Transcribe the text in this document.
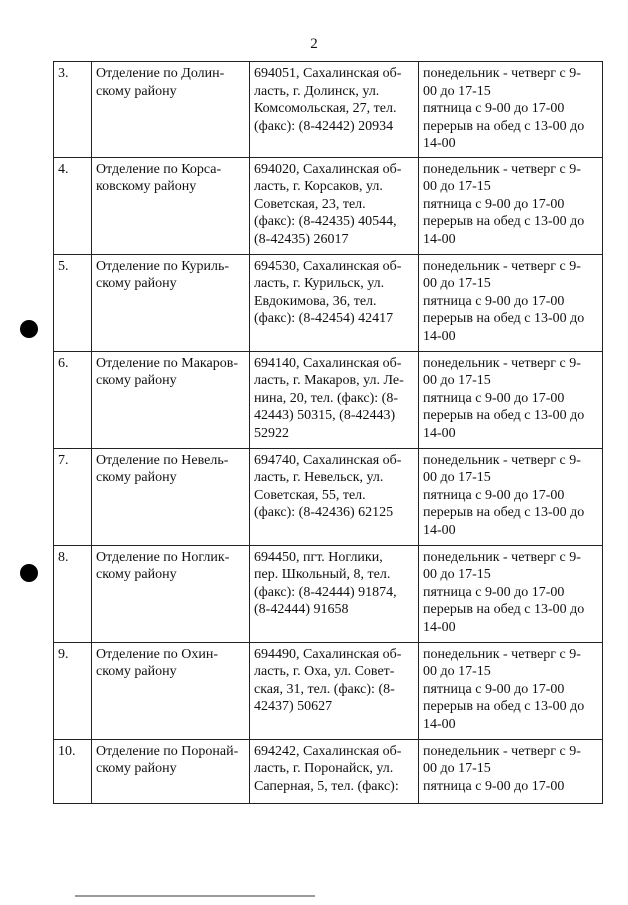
2
3.	Отделение по Долин-
скому району	694051, Сахалинская об-
ласть, г. Долинск, ул.
Комсомольская, 27, тел.
(факс): (8-42442) 20934	понедельник - четверг с 9-
00 до 17-15
пятница с 9-00 до 17-00
перерыв на обед с 13-00 до
14-00

4.	Отделение по Корса-
ковскому району	694020, Сахалинская об-
ласть, г. Корсаков, ул.
Советская, 23, тел.
(факс): (8-42435) 40544,
(8-42435) 26017	понедельник - четверг с 9-
00 до 17-15
пятница с 9-00 до 17-00
перерыв на обед с 13-00 до
14-00

5.	Отделение по Куриль-
скому району	694530, Сахалинская об-
ласть, г. Курильск, ул.
Евдокимова, 36, тел.
(факс): (8-42454) 42417	понедельник - четверг с 9-
00 до 17-15
пятница с 9-00 до 17-00
перерыв на обед с 13-00 до
14-00

6.	Отделение по Макаров-
скому району	694140, Сахалинская об-
ласть, г. Макаров, ул. Ле-
нина, 20, тел. (факс): (8-
42443) 50315, (8-42443)
52922	понедельник - четверг с 9-
00 до 17-15
пятница с 9-00 до 17-00
перерыв на обед с 13-00 до
14-00

7.	Отделение по Невель-
скому району	694740, Сахалинская об-
ласть, г. Невельск, ул.
Советская, 55, тел.
(факс): (8-42436) 62125	понедельник - четверг с 9-
00 до 17-15
пятница с 9-00 до 17-00
перерыв на обед с 13-00 до
14-00

8.	Отделение по Ноглик-
скому району	694450, пгт. Ноглики,
пер. Школьный, 8, тел.
(факс): (8-42444) 91874,
(8-42444) 91658	понедельник - четверг с 9-
00 до 17-15
пятница с 9-00 до 17-00
перерыв на обед с 13-00 до
14-00

9.	Отделение по Охин-
скому району	694490, Сахалинская об-
ласть, г. Оха, ул. Совет-
ская, 31, тел. (факс): (8-
42437) 50627	понедельник - четверг с 9-
00 до 17-15
пятница с 9-00 до 17-00
перерыв на обед с 13-00 до
14-00

10.	Отделение по Поронай-
скому району	694242, Сахалинская об-
ласть, г. Поронайск, ул.
Саперная, 5, тел. (факс):	понедельник - четверг с 9-
00 до 17-15
пятница с 9-00 до 17-00
